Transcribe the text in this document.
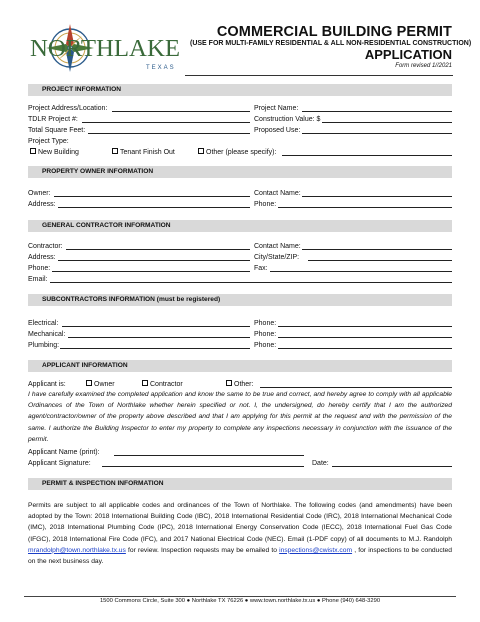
NORTHLAKE
TEXAS
COMMERCIAL BUILDING PERMIT
(USE FOR MULTI-FAMILY RESIDENTIAL & ALL NON-RESIDENTIAL CONSTRUCTION)
APPLICATION
Form revised 1//2021
PROJECT INFORMATION
Project Address/Location:	Project Name:
TDLR Project #:	Construction Value: $
Total Square Feet:	Proposed Use:
Project Type:
New Building	Tenant Finish Out	Other (please specify):
PROPERTY OWNER INFORMATION
Owner:	Contact Name:
Address:	Phone:
GENERAL CONTRACTOR INFORMATION
Contractor:	Contact Name:
Address:	City/State/ZIP:
Phone:	Fax:
Email:
SUBCONTRACTORS INFORMATION (must be registered)
Electrical:	Phone:
Mechanical:	Phone:
Plumbing:	Phone:
APPLICANT INFORMATION
Applicant is:	Owner	Contractor	Other:
I have carefully examined the completed application and know the same to be true and correct, and hereby agree to comply with all applicable Ordinances of the Town of Northlake whether herein specified or not. I, the undersigned, do hereby certify that I am the authorized agent/contractor/owner of the property above described and that I am applying for this permit at the request and with the permission of the same. I authorize the Building Inspector to enter my property to complete any inspections necessary in conjunction with the issuance of the permit.
Applicant Name (print):
Applicant Signature:	Date:
PERMIT & INSPECTION INFORMATION
Permits are subject to all applicable codes and ordinances of the Town of Northlake. The following codes (and amendments) have been adopted by the Town: 2018 International Building Code (IBC), 2018 International Residential Code (IRC), 2018 International Mechanical Code (IMC), 2018 International Plumbing Code (IPC), 2018 International Energy Conservation Code (IECC), 2018 International Fuel Gas Code (IFGC), 2018 International Fire Code (IFC), and 2017 National Electrical Code (NEC). Email (1-PDF copy) of all documents to M.J. Randolph mrandolph@town.northlake.tx.us for review. Inspection requests may be emailed to inspections@cwistx.com , for inspections to be conducted on the next business day.
1500 Commons Circle, Suite 300 ● Northlake TX 76226 ● www.town.northlake.tx.us ● Phone (940) 648-3290
